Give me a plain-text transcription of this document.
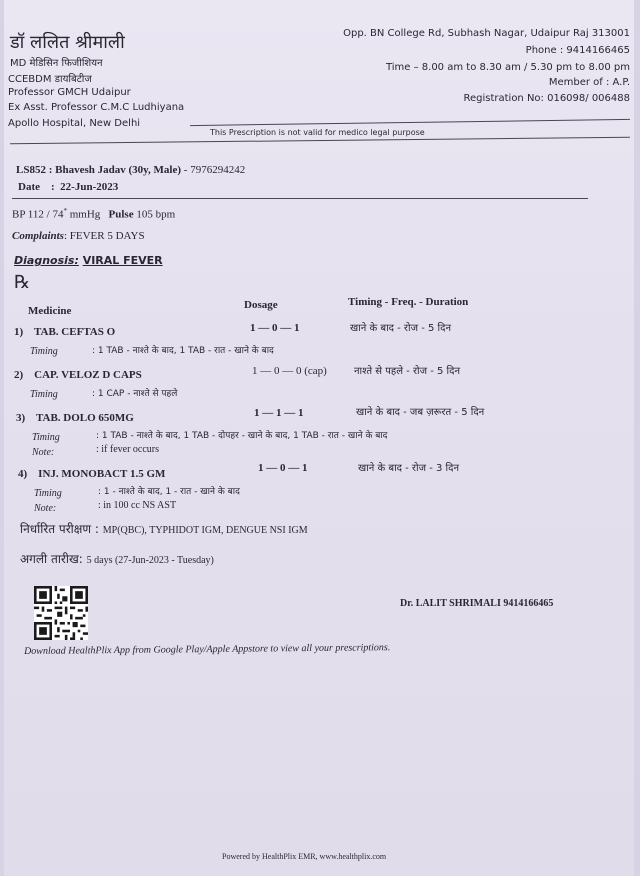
डॉ ललित श्रीमाली
MD मेडिसिन फिजीशियन
CCEBDM डायबिटीज
Professor GMCH Udaipur
Ex Asst. Professor C.M.C Ludhiyana
Apollo Hospital, New Delhi
Opp. BN College Rd, Subhash Nagar, Udaipur Raj 313001
Phone : 9414166465
Time – 8.00 am to 8.30 am / 5.30 pm to 8.00 pm
Member of : A.P.
Registration No: 016098/ 006488
This Prescription is not valid for medico legal purpose
LS852 : Bhavesh Jadav (30y, Male) - 7976294242
Date    :  22-Jun-2023
BP 112 / 74* mmHg Pulse 105 bpm
Complaints: FEVER 5 DAYS
Diagnosis: VIRAL FEVER
℞
Medicine	Dosage	Timing - Freq. - Duration
1) TAB. CEFTAS O	1 — 0 — 1	खाने के बाद - रोज - 5 दिन
Timing	: 1 TAB - नाश्ते के बाद, 1 TAB - रात - खाने के बाद
2) CAP. VELOZ D CAPS	1 — 0 — 0 (cap)	नाश्ते से पहले - रोज - 5 दिन
Timing	: 1 CAP - नाश्ते से पहले
3) TAB. DOLO 650MG	1 — 1 — 1	खाने के बाद - जब ज़रूरत - 5 दिन
Timing	: 1 TAB - नाश्ते के बाद, 1 TAB - दोपहर - खाने के बाद, 1 TAB - रात - खाने के बाद
Note:	: if fever occurs
4) INJ. MONOBACT 1.5 GM	1 — 0 — 1	खाने के बाद - रोज - 3 दिन
Timing	: 1 - नाश्ते के बाद, 1 - रात - खाने के बाद
Note:	: in 100 cc NS AST
निर्धारित परीक्षण : MP(QBC), TYPHIDOT IGM, DENGUE NSI IGM
अगली तारीख: 5 days (27-Jun-2023 - Tuesday)
Dr. LALIT SHRIMALI 9414166465
Download HealthPlix App from Google Play/Apple Appstore to view all your prescriptions.
Powered by HealthPlix EMR, www.healthplix.com
